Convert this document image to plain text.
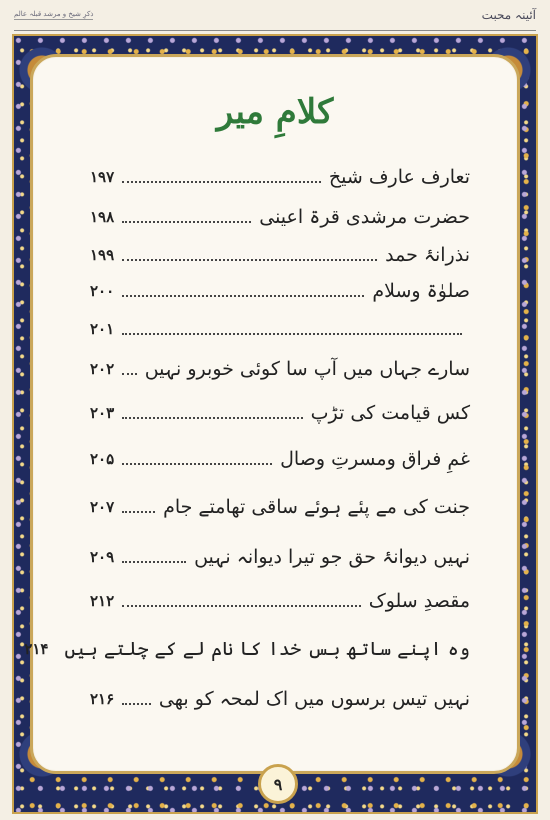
ذکرِ شیخ و مرشد قبلہ عالم	آئینہ محبت
کلامِ میر
تعارف عارف شیخ
۱۹۷
حضرت مرشدی قرۃ اعینی
۱۹۸
نذرانۂ حمد
۱۹۹
صلوٰۃ وسلام
۲۰۰
۲۰۱
سارے جہاں میں آپ سا کوئی خوبرو نہیں
۲۰۲
کس قیامت کی تڑپ
۲۰۳
غمِ فراق ومسرتِ وصال
۲۰۵
جنت کی مے پئے ہوئے ساقی تھامتے جام
۲۰۷
نہیں دیوانۂ حق جو تیرا دیوانہ نہیں
۲۰۹
مقصدِ سلوک
۲۱۲
وہ اپنے ساتھ بس خدا کا نام لے کے چلتے ہیں
۲۱۴
نہیں تیس برسوں میں اک لمحہ کو بھی
۲۱۶
۹
